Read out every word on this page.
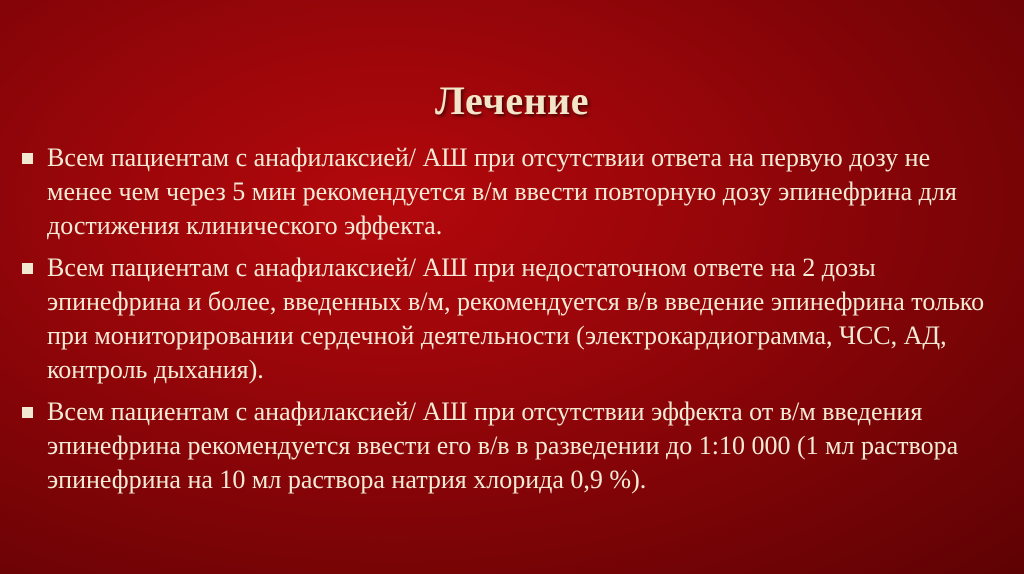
Лечение
Всем пациентам с анафилаксией/ АШ при отсутствии ответа на первую дозу не менее чем через 5 мин рекомендуется в/м ввести повторную дозу эпинефрина для достижения клинического эффекта.
Всем пациентам с анафилаксией/ АШ при недостаточном ответе на 2 дозы эпинефрина и более, введенных в/м, рекомендуется в/в введение эпинефрина только при мониторировании сердечной деятельности (электрокардиограмма, ЧСС, АД, контроль дыхания).
Всем пациентам с анафилаксией/ АШ при отсутствии эффекта от в/м введения эпинефрина рекомендуется ввести его в/в в разведении до 1:10 000 (1 мл раствора эпинефрина на 10 мл раствора натрия хлорида 0,9 %).
